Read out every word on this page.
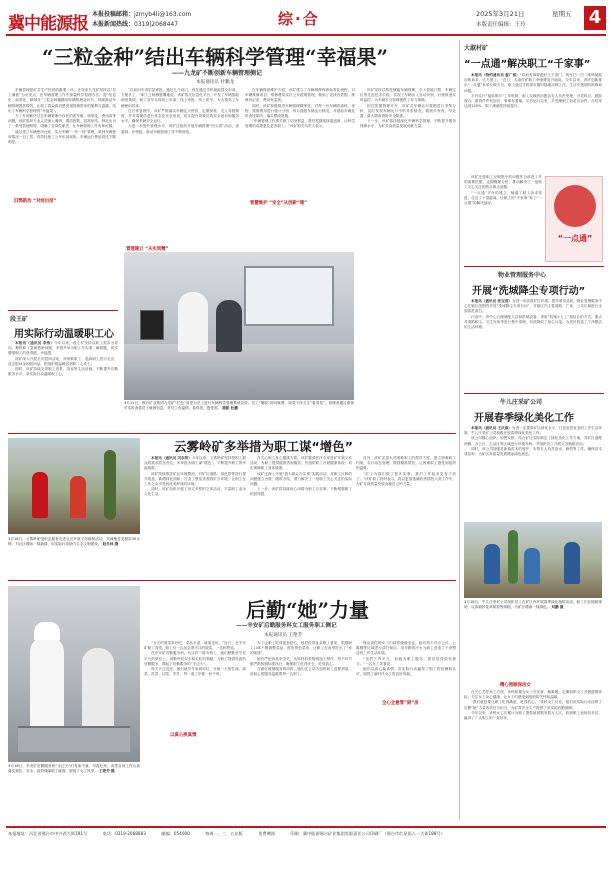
冀中能源报 本报投稿邮箱：jzmyb4li@163.com
本报新闻热线：0319|2068447	综·合	2025年3月21日	星期五
本版责任编辑：王玲	4
“三粒金种”结出车辆科学管理“幸福果”
——九龙矿不断创新车辆管理侧记
本报通讯员 杜鹏龙

车辆管理是矿井生产经营的重要一环，近年来九龙矿坚持以“员工满意”为出发点，在车辆管理工作中探索科学管理办法，将“信息化、标准化、精细化”三粒金种播撒到车辆管理各环节，持续推动车辆管理提质增效，让职工群众真切感受到管理带来的便利与温暖，结出了车辆科学管理的“幸福果”。

为了有效解决过去车辆管理中存在的派车难、调度乱、费用高等问题，该矿组织专业人员深入调研，摸清底数，找准症结，制定出台了一系列管理制度，明确了各岗位职责，让车辆管理工作有章可循。

通过建立车辆使用台账、实行车辆“一车一档”管理，做到车辆使用情况一目了然，有效杜绝了公车私用现象，车辆运行费用同比下降明显。

旧弊新治 “对症出招”

“以前用车得层层审批，跑好几个部门，现在通过手机就能提交申请，方便多了。”职工王师傅感慨地说。该矿依托信息化平台，开发了车辆智能调度系统，职工用车实现线上申请、线上审批、线上派车，大大提高了车辆使用效率。

在日常管理中，该矿严格落实车辆定点停放、定期保养、定人驾驶制度，并对驾驶员进行常态化安全培训，切实提升驾驶员的安全意识和服务水平，确保车辆安全运行。

为进一步提升管理水平，该矿还组织开展车辆管理“回头看”活动，查漏洞、补短板，推动车辆管理工作不断规范。

管理建立 “从实到精”

在车辆保养维护方面，该矿建立了车辆维修保养标准化流程，对车辆维修项目、维修费用实行公开透明管理，做到了花钱有依据、维修有记录、费用有监督。

同时，该矿积极推进车辆管理精细化，对每一台车辆的油耗、里程、维修费用进行统计分析，每月通报车辆运行情况，对超标车辆及时查找原因，落实整改措施。

“车辆管理工作事关职工切身利益，我们将继续探索创新，让科学管理的成果惠及更多职工。”该矿相关负责人表示。

智慧维护 “安全”从创新“建”

该矿坚持以科技赋能车辆管理，引入智能门禁、车辆定位等先进技术手段，实现了车辆出入自动识别、行驶轨迹实时监控，为车辆安全管理提供了有力保障。

依托智慧管理平台，该矿对车辆运行数据进行采集分析，及时发现车辆运行中的异常情况，做到早发现、早处置，最大限度消除安全隐患。

下一步，该矿将持续深化车辆科学管理，不断提升服务保障水平，为矿井高质量发展贡献力量。

3月11日，邢台矿业集团九龙矿“红色”食堂为员工进行车辆科学管理系统宣传，员工“刷脸”即可就餐，饭菜干净卫生“看得见”，管理者通过系统可实时查看员工就餐信息，对员工有温情，看得见，感受到。 摄影 杜鹏
段王矿
用实际行动温暖职工心

本报讯（通讯员 李伟）今年以来，段王矿坚持以职工需求为导向，聚焦职工急难愁盼问题，多措并举为职工办实事、解难题，切实增强职工的获得感、幸福感。

该矿深入开展走访慰问活动，对困难职工、患病职工进行走访，送去慰问金和慰问品，把组织的温暖送到职工心坎上。

同时，该矿持续完善职工食堂、浴室等生活设施，不断提升后勤服务水平，用实际行动温暖职工心。

大淑村矿
“一点通”解决职工“千家事”

本报讯（特约通讯员 翟广泰）“以前有事要跑好几个部门，现在扫一扫二维码就能反映诉求，太方便了。”近日，大淑村矿职工李师傅高兴地说。今年以来，该矿创新推出“一点通”诉求反映平台，职工通过手机即可随时随地反映工作、生活中遇到的困难和问题。

平台实行“接诉即办”工作机制，职工反映的问题由专人负责受理、分类转办、跟踪督办，做到件件有回音、事事有着落。平台运行以来，共受理职工诉求百余件，办结率达到100%，职工满意度持续提升。

该矿还将职工反映集中的问题作为改进工作的重要依据，定期梳理分析，推动解决了一批职工关心关注的热点难点问题。

“一点通”平台的建立，畅通了职工诉求渠道，拉近了干群距离，让职工的“千家事”有了“一点通”的解决途径。

“一点通”
物业管理服务中心
开展“洗城降尘专项行动”

本报讯（通讯员 张宝春）为进一步改善矿区环境，提升城市品质，物业管理服务中心在辖区范围内开展“洗城降尘专项行动”，对辖区内主要道路、广场、公共区域进行全面冲洗清扫。

行动中，该中心合理调配人员和机械设备，采取“机械+人工”相结合的方式，重点对道路积尘、卫生死角等进行集中清理，有效降低了扬尘污染，为居民营造了干净整洁的生活环境。

牛儿庄采矿公司
开展春季绿化美化工作

本报讯（通讯员 王庆威）为进一步提高矿区绿化水平，打造宜居宜业的工作生活环境，牛儿庄采矿公司积极开展春季绿化美化工作。

该公司精心组织，周密安排，结合矿区实际制定了绿化美化工作方案，对矿区道路两侧、办公区、生活区等区域进行补植补种，并组织员工开展义务植树活动。

同时，该公司加强对新植苗木的管护，安排专人负责浇水、修剪等工作，确保苗木成活率，为矿区高质量发展增添绿色底色。

3月18日，牛儿庄采矿公司组织员工在矿区内开展春季绿化植树活动，职工们在植树现场，认真栽种花草树苗等绿植，为矿区增添一抹绿色。 刘鹏 摄

在关心关爱女工方面，该科积极为女工办实事、解难题，定期组织女工开展健康体检，关注女工身心健康，让女工们感受到组织的关怀和温暖。

“我们就是要让职工吃得满意、吃得放心。”该科女工们说。她们用实际行动诠释了后勤“她”力量的责任与担当，为矿井安全生产提供了坚实的后勤保障。

今年以来，该科女工们累计为职工提供就餐服务数万人次，收到职工表扬信多封，赢得了广大职工的一致好评。

精心照顾保洁女
3月18日，云雾岭矿组织志愿者走进社区开展义务植树活动，共栽植各类树苗30余株，为社区增添一抹新绿，用实际行动助力生态文明建设。 赵冬林 摄
云雾岭矿多举措为职工谋“增色”

本报讯（通讯员 闫东哲）今年以来，云雾岭矿坚持把职工群众的需求放在首位，多举措为职工谋“增色”，不断提升职工的幸福指数。

该矿持续推进矿区环境整治，对矿区道路、绿化带等进行提升改造，新增绿化面积，打造了整洁美观的矿区环境，让职工在工作之余享受到优美舒适的环境。

同时，该矿组织开展了形式多样的文体活动，丰富职工业余文化生活。

在关心职工身心健康方面，该矿邀请医疗专家进矿开展义诊活动，为职工提供健康咨询服务，并组织职工开展健康体检，切实保障职工身体健康。

该矿还深入开展“我为群众办实事”实践活动，对职工反映的问题建立台账、限时办结，着力解决了一批职工关心关注的实际问题。

下一步，该矿将持续用心用情为职工办实事，不断增强职工的获得感。

此外，该矿还加大对困难职工的帮扶力度，建立困难职工档案，实行动态管理，做到精准帮扶，让困难职工感受到组织的温暖。

“矿上为我们做了很多实事，我们工作起来更有干劲了。”该矿职工纷纷表示，将以更加饱满的热情投入到工作中，为矿井高质量发展贡献自己的力量。

3月18日，辛安矿后勤服务科“半边天”们有条不紊，可将灶房、食堂各项工作认真落实到位，安全、高效保障职工就餐，展现了女工风采。 王艳芳 摄
后勤“她”力量
——辛安矿后勤服务科女工服务职工侧记
本报通讯员 王艳芳

“今天的饭菜真好吃，菜品丰富，味道也好。”近日，在辛安矿职工食堂，职工们一边品尝着可口的饭菜，一边称赞道。

在辛安矿后勤服务科，有这样一群女职工，她们默默坚守在平凡的岗位上，用勤劳的双手和无私的奉献，为职工提供优质的后勤服务，撑起了后勤服务的“半边天”。

每天天还没亮，她们就早早来到岗位，开始一天的忙碌，择菜、洗菜、切菜、烹饪，每一道工序都一丝不苟。

以真心换真情

为了让职工吃得更加舒心，她们经常征求职工意见，根据职工口味不断调整菜品，推出特色菜肴，让职工在食堂吃出了“家的味道”。

她们严把食品安全关，从原材料采购到加工制作，每个环节都严格按照标准执行，确保职工吃得安全、吃得放心。

在做好就餐服务的同时，她们还主动为加班职工送餐到岗，用贴心的服务温暖着每一名职工。

保洁岗位的女工们同样兢兢业业，她们每天对办公区、公寓楼等区域进行清扫保洁，用辛勤的汗水为职工营造了干净整洁的工作生活环境。

“虽然工作平凡，但能为职工服务，我们觉得很有意义。”一名女工笑着说。

她们以真心换真情，用实际行动赢得了职工的信赖和认可，展现了新时代女工的良好风貌。

全心全意管“厨”房
本报地址：河北省邢台市中兴西大街191号	电话：0319-2068883	邮编：054000	每周一、三、五出版	免费赠阅	印刷：冀中能源邢台矿业集团有限责任公司印刷厂（邢台市红星街八一大街188号）
